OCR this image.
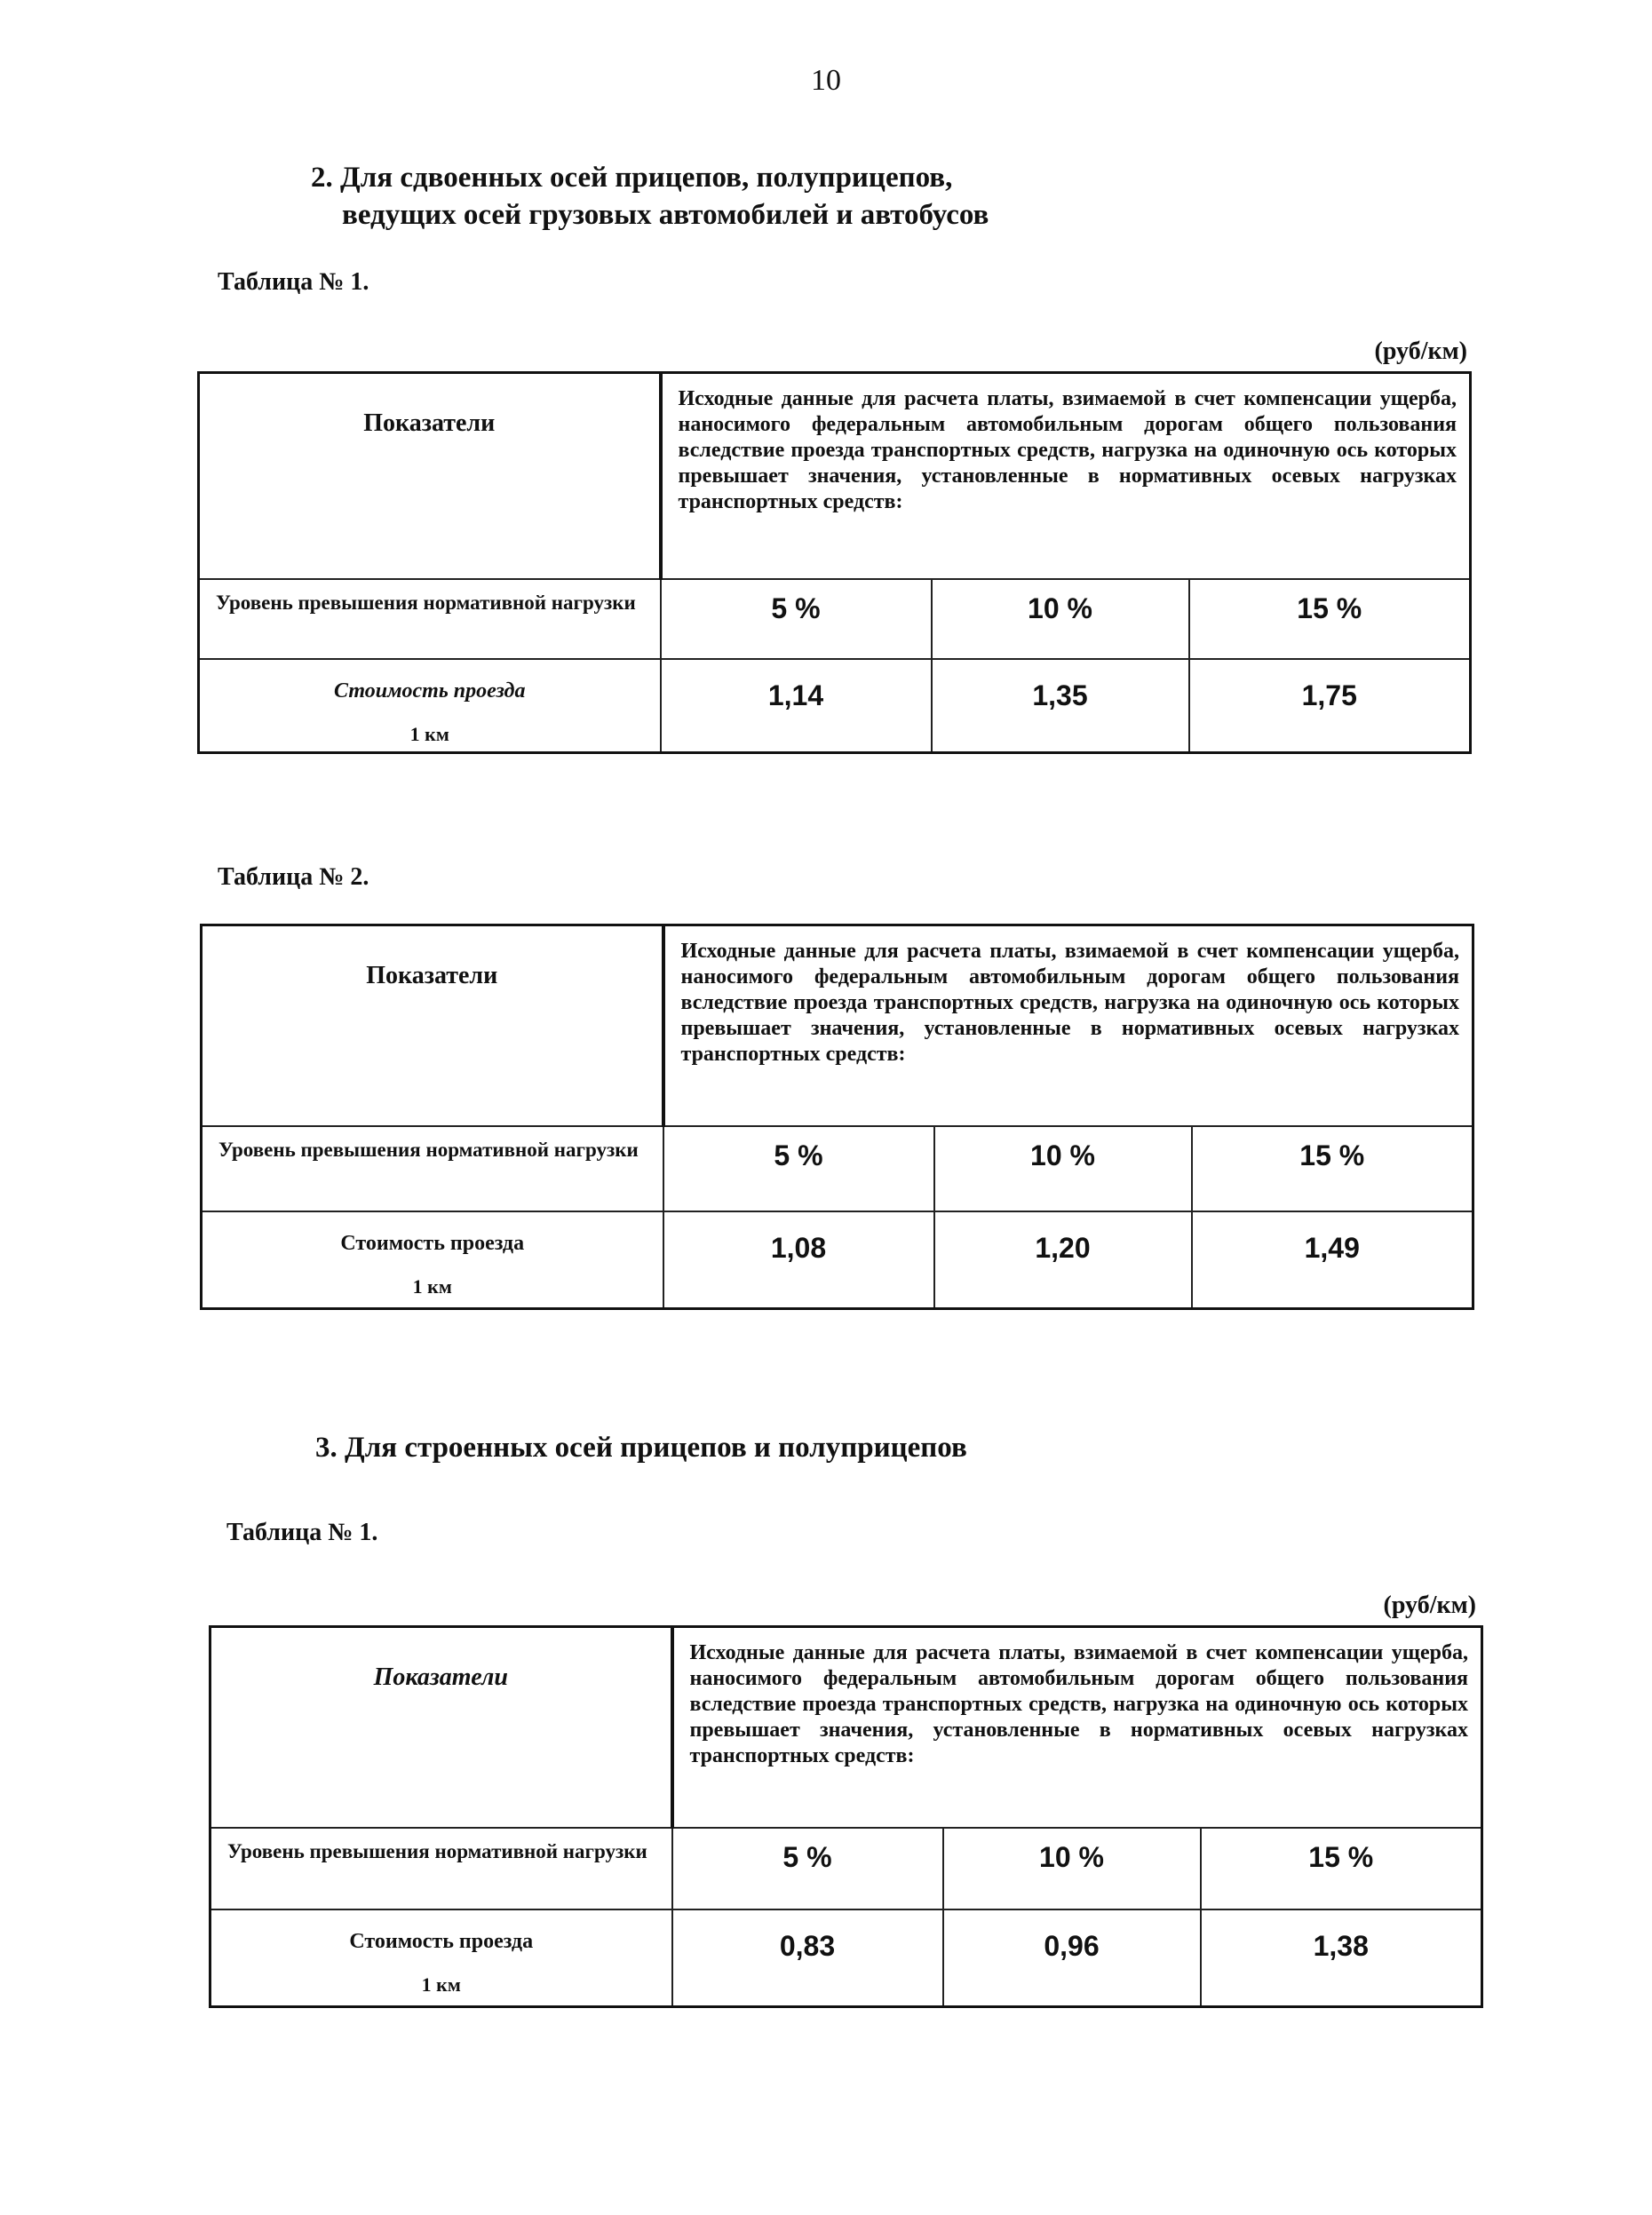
10
2. Для сдвоенных осей прицепов, полуприцепов,
ведущих осей грузовых автомобилей и автобусов
Таблица № 1.
(руб/км)
Показатели	Исходные данные для расчета платы, взимаемой в счет компенсации ущерба, наносимого федеральным автомобильным дорогам общего пользования вследствие проезда транспортных средств, нагрузка на одиночную ось которых превышает значения, установленные в нормативных осевых нагрузках транспортных средств:		
Уровень превышения нормативной нагрузки	5 %	10 %	15 %
Стоимость проезда
1 км	1,14	1,35	1,75
Таблица № 2.
Показатели	Исходные данные для расчета платы, взимаемой в счет компенсации ущерба, наносимого федеральным автомобильным дорогам общего пользования вследствие проезда транспортных средств, нагрузка на одиночную ось которых превышает значения, установленные в нормативных осевых нагрузках транспортных средств:		
Уровень превышения нормативной нагрузки	5 %	10 %	15 %
Стоимость проезда
1 км	1,08	1,20	1,49
3. Для строенных осей прицепов и полуприцепов
Таблица № 1.
(руб/км)
Показатели	Исходные данные для расчета платы, взимаемой в счет компенсации ущерба, наносимого федеральным автомобильным дорогам общего пользования вследствие проезда транспортных средств, нагрузка на одиночную ось которых превышает значения, установленные в нормативных осевых нагрузках транспортных средств:		
Уровень превышения нормативной нагрузки	5 %	10 %	15 %
Стоимость проезда
1 км	0,83	0,96	1,38
